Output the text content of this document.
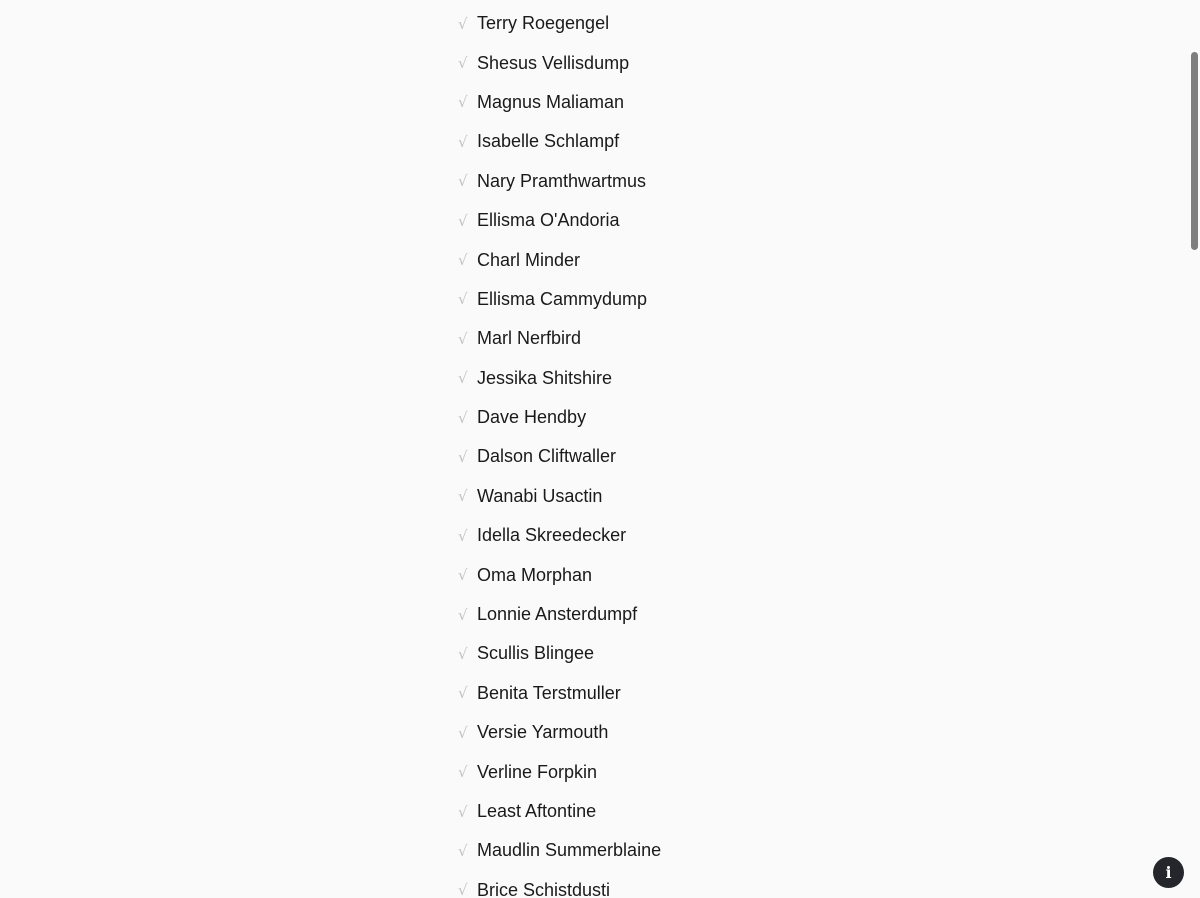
√ Terry Roegengel
√ Shesus Vellisdump
√ Magnus Maliaman
√ Isabelle Schlampf
√ Nary Pramthwartmus
√ Ellisma O'Andoria
√ Charl Minder
√ Ellisma Cammydump
√ Marl Nerfbird
√ Jessika Shitshire
√ Dave Hendby
√ Dalson Cliftwaller
√ Wanabi Usactin
√ Idella Skreedecker
√ Oma Morphan
√ Lonnie Ansterdumpf
√ Scullis Blingee
√ Benita Terstmuller
√ Versie Yarmouth
√ Verline Forpkin
√ Least Aftontine
√ Maudlin Summerblaine
√ Brice Schistdusti
i
